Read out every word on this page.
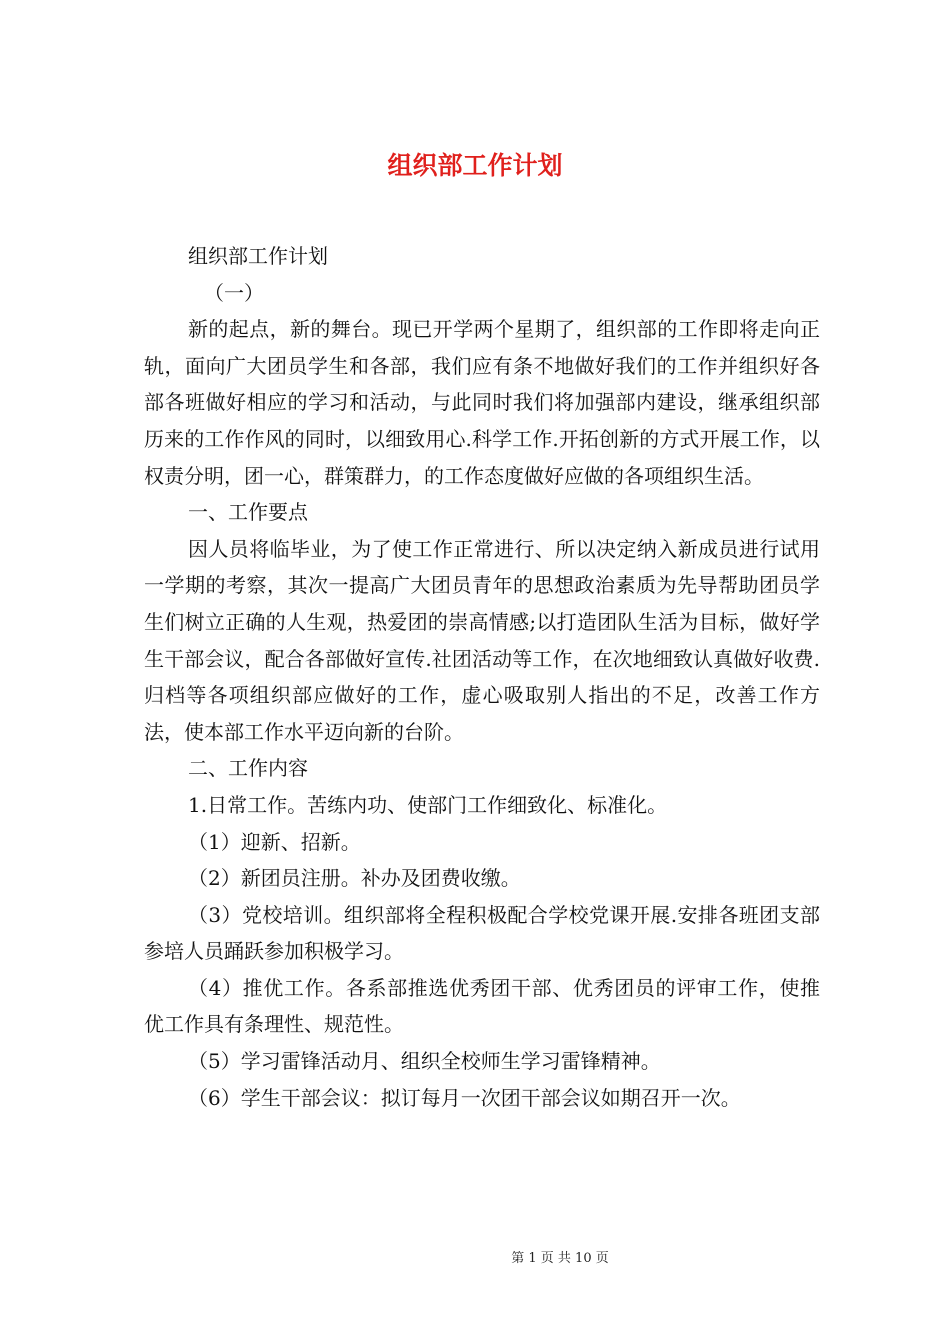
组织部工作计划

组织部工作计划

（一）

新的起点，新的舞台。现已开学两个星期了，组织部的工作即将走向正轨，面向广大团员学生和各部，我们应有条不地做好我们的工作并组织好各部各班做好相应的学习和活动，与此同时我们将加强部内建设，继承组织部历来的工作作风的同时，以细致用心.科学工作.开拓创新的方式开展工作，以权责分明，团一心，群策群力，的工作态度做好应做的各项组织生活。

一、工作要点

因人员将临毕业，为了使工作正常进行、所以决定纳入新成员进行试用一学期的考察，其次一提高广大团员青年的思想政治素质为先导帮助团员学生们树立正确的人生观，热爱团的崇高情感;以打造团队生活为目标，做好学生干部会议，配合各部做好宣传.社团活动等工作，在次地细致认真做好收费.归档等各项组织部应做好的工作，虚心吸取别人指出的不足，改善工作方法，使本部工作水平迈向新的台阶。

二、工作内容

1.日常工作。苦练内功、使部门工作细致化、标准化。

（1）迎新、招新。

（2）新团员注册。补办及团费收缴。

（3）党校培训。组织部将全程积极配合学校党课开展.安排各班团支部参培人员踊跃参加积极学习。

（4）推优工作。各系部推选优秀团干部、优秀团员的评审工作，使推优工作具有条理性、规范性。

（5）学习雷锋活动月、组织全校师生学习雷锋精神。

（6）学生干部会议：拟订每月一次团干部会议如期召开一次。

第 1 页 共 10 页
